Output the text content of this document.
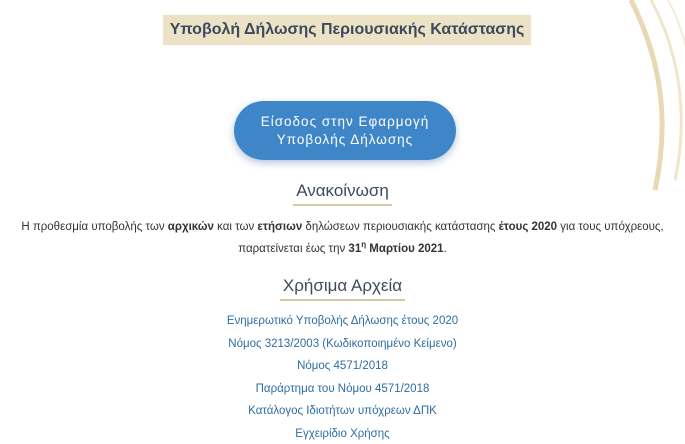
Υποβολή Δήλωσης Περιουσιακής Κατάστασης
Είσοδος στην Εφαρμογή
Υποβολής Δήλωσης
Ανακοίνωση
Η προθεσμία υποβολής των αρχικών και των ετήσιων δηλώσεων περιουσιακής κατάστασης έτους 2020 για τους υπόχρεους,
παρατείνεται έως την $31^\eta$ Μαρτίου 2021.
Χρήσιμα Αρχεία
Ενημερωτικό Υποβολής Δήλωσης έτους 2020
Νόμος 3213/2003 (Κωδικοποιημένο Κείμενο)
Νόμος 4571/2018
Παράρτημα του Νόμου 4571/2018
Κατάλογος Ιδιοτήτων υπόχρεων ΔΠΚ
Εγχειρίδιο Χρήσης
